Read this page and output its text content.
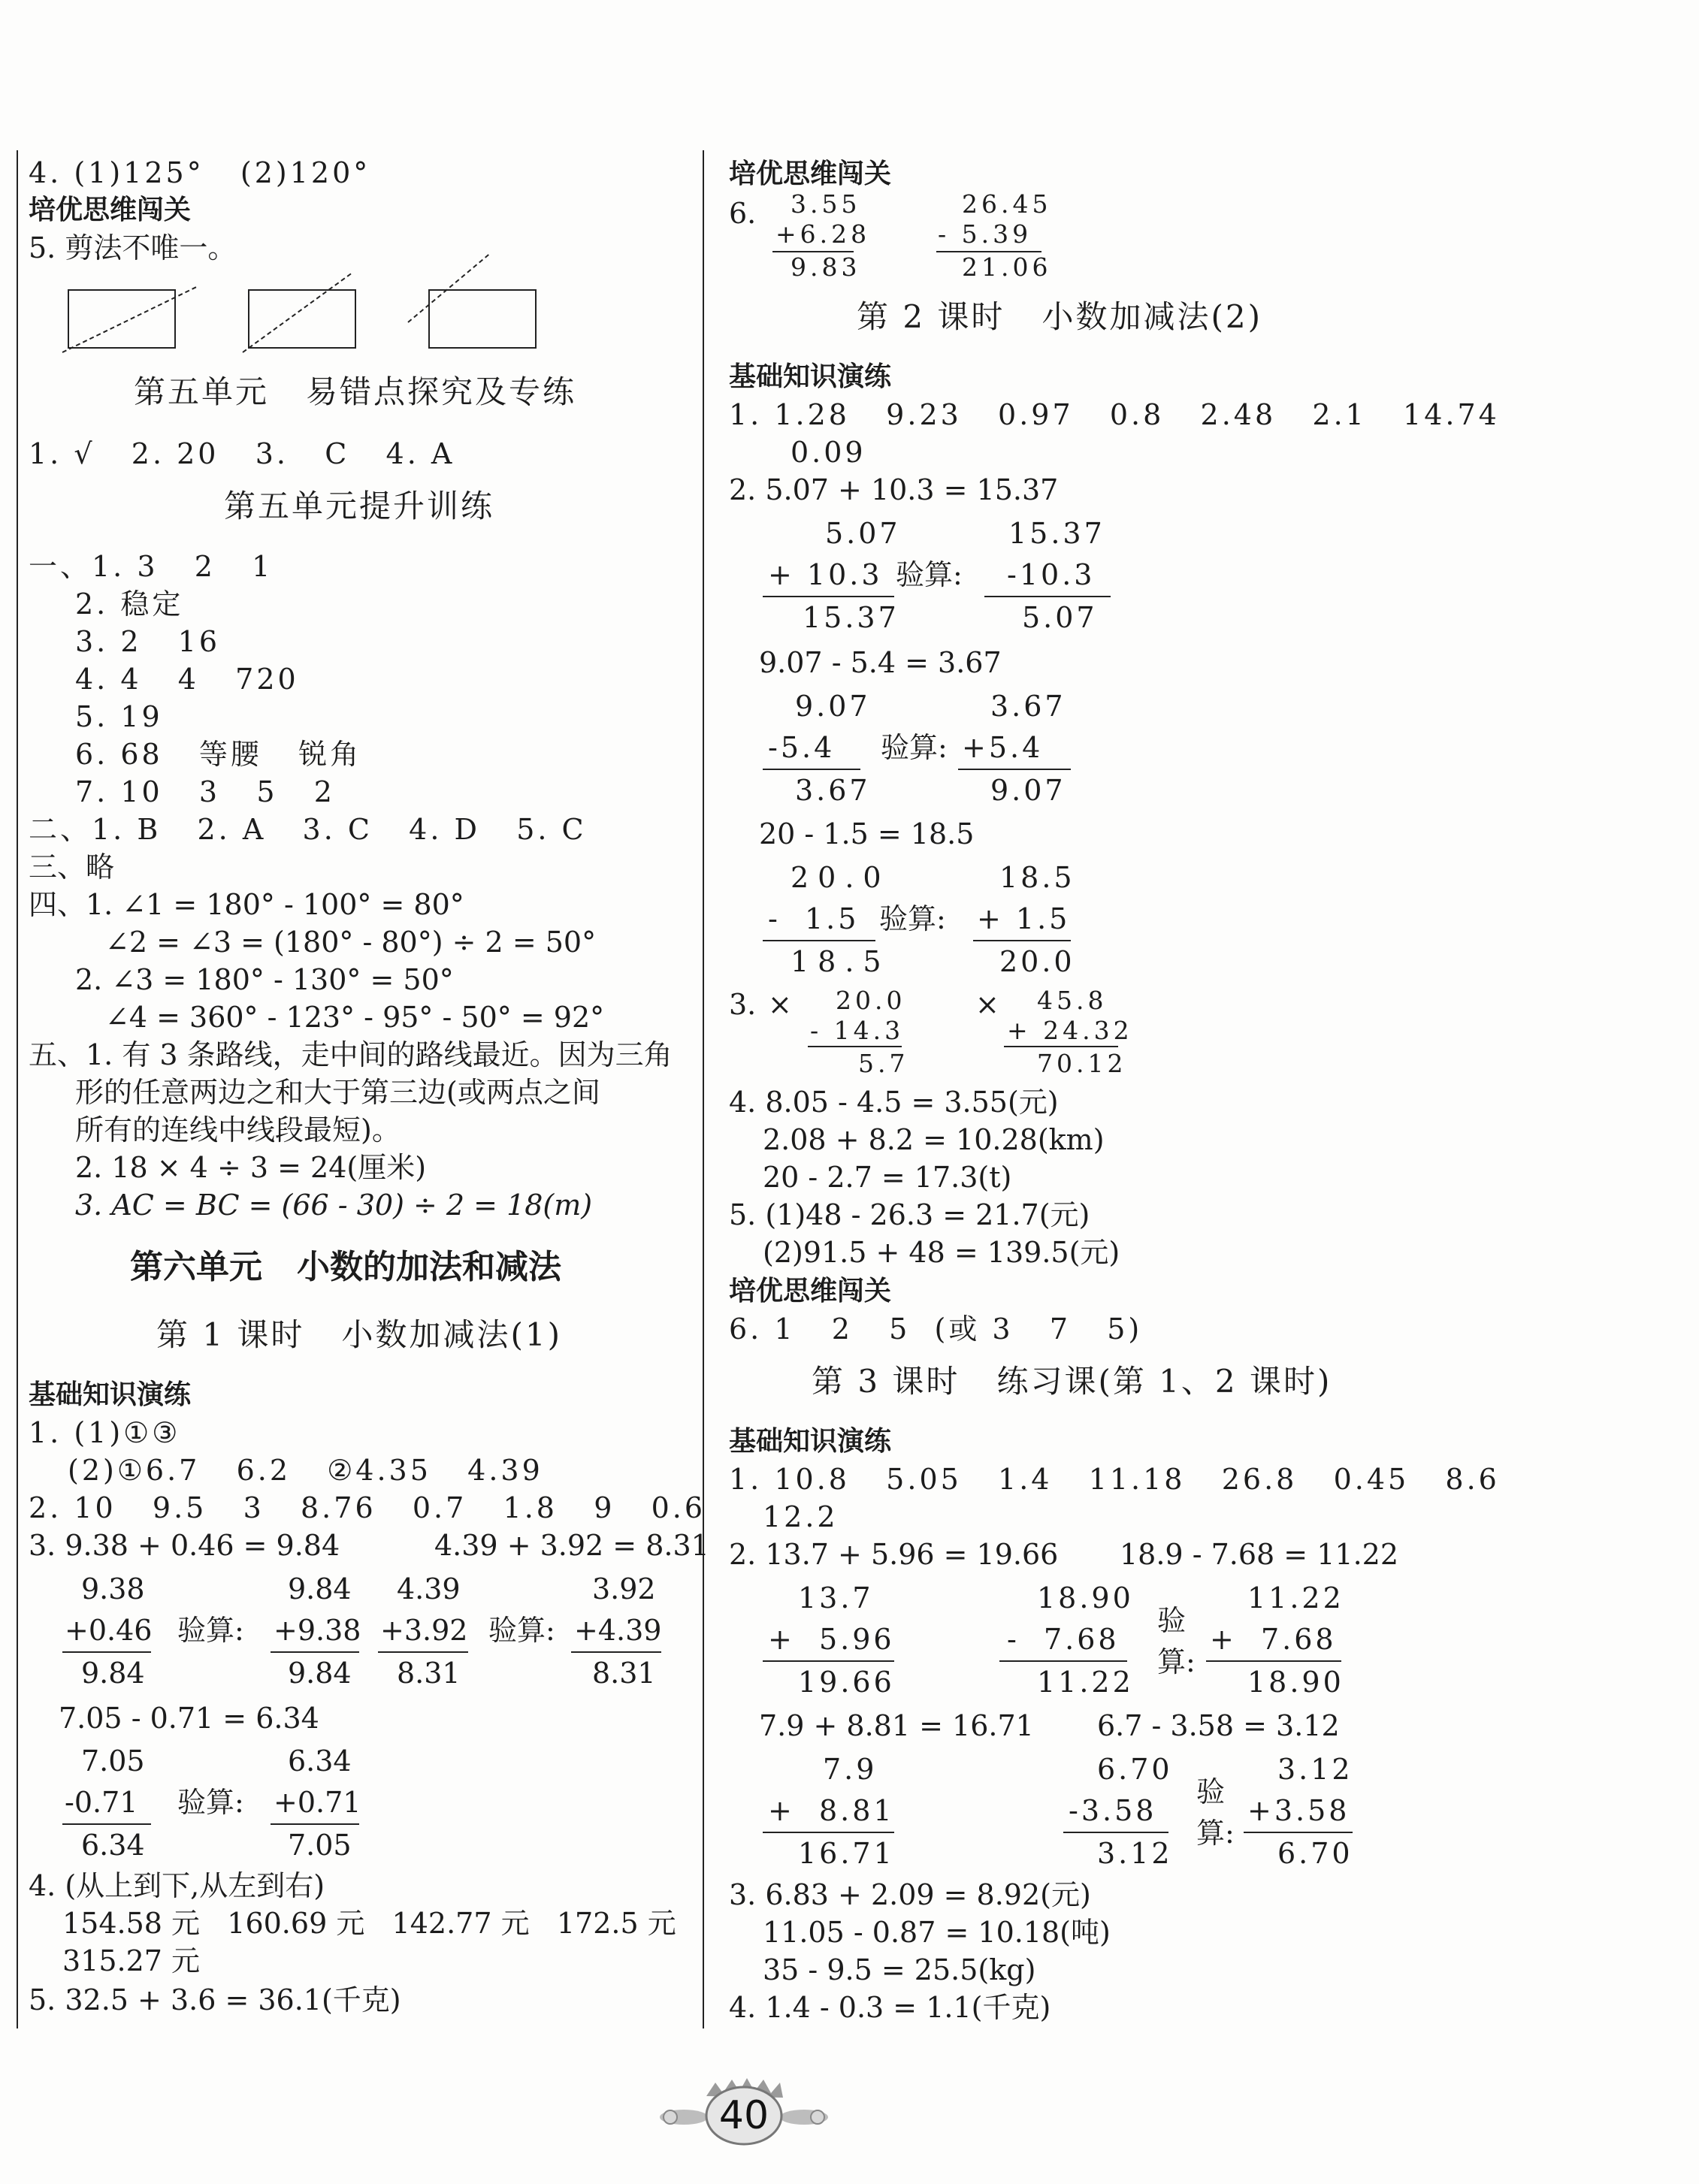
4. (1)125°   (2)120°
培优思维闯关
5. 剪法不唯一。
第五单元   易错点探究及专练
1. √   2. 20   3.   C   4. A
第五单元提升训练
一、1. 3   2   1
2. 稳定
3. 2   16
4. 4   4   720
5. 19
6. 68   等腰   锐角
7. 10   3   5   2
二、1. B   2. A   3. C   4. D   5. C
三、略
四、1. ∠1 = 180° - 100° = 80°
∠2 = ∠3 = (180° - 80°) ÷ 2 = 50°
2. ∠3 = 180° - 130° = 50°
∠4 = 360° - 123° - 95° - 50° = 92°
五、1. 有 3 条路线，走中间的路线最近。因为三角
形的任意两边之和大于第三边(或两点之间
所有的连线中线段最短)。
2. 18 × 4 ÷ 3 = 24(厘米)
3. AC = BC = (66 - 30) ÷ 2 = 18(m)
第六单元   小数的加法和减法
第 1 课时   小数加减法(1)
基础知识演练
1. (1)①③
(2)①6.7   6.2   ②4.35   4.39
2. 10   9.5   3   8.76   0.7   1.8   9   0.6
3. 9.38 + 0.46 = 9.84	4.39 + 3.92 = 8.31
9.38
+0.46
9.84
验算:
9.84
+9.38
9.84
4.39
+3.92
8.31
验算:
3.92
+4.39
8.31
7.05 - 0.71 = 6.34
7.05
-0.71
6.34
验算:
6.34
+0.71
7.05
4. (从上到下,从左到右)
154.58 元   160.69 元   142.77 元   172.5 元
315.27 元
5. 32.5 + 3.6 = 36.1(千克)
培优思维闯关
6. 3.55
+6.28
9.83
26.45
- 5.39
21.06
第 2 课时   小数加减法(2)
基础知识演练
1. 1.28   9.23   0.97   0.8   2.48   2.1   14.74
0.09
2. 5.07 + 10.3 = 15.37
5.07
+ 10.3
15.37
验算:
15.37
-10.3
5.07
9.07 - 5.4 = 3.67
9.07
-5.4
3.67
验算:
3.67
+5.4
9.07
20 - 1.5 = 18.5
20.0
-  1.5
18.5
验算:
18.5
+ 1.5
20.0
3. × 20.0
- 14.3
5.7
× 45.8
+ 24.32
70.12
4. 8.05 - 4.5 = 3.55(元)
2.08 + 8.2 = 10.28(km)
20 - 2.7 = 17.3(t)
5. (1)48 - 26.3 = 21.7(元)
(2)91.5 + 48 = 139.5(元)
培优思维闯关
6. 1   2   5  (或 3   7   5)
第 3 课时   练习课(第 1、2 课时)
基础知识演练
1. 10.8   5.05   1.4   11.18   26.8   0.45   8.6
12.2
2. 13.7 + 5.96 = 19.66 18.9 - 7.68 = 11.22
13.7
+  5.96
19.66
18.90
-  7.68
11.22
验
算:
11.22
+  7.68
18.90
7.9 + 8.81 = 16.71 6.7 - 3.58 = 3.12
7.9
+  8.81
16.71
6.70
-3.58
3.12
验
算:
3.12
+3.58
6.70
3. 6.83 + 2.09 = 8.92(元)
11.05 - 0.87 = 10.18(吨)
35 - 9.5 = 25.5(kg)
4. 1.4 - 0.3 = 1.1(千克)
40
